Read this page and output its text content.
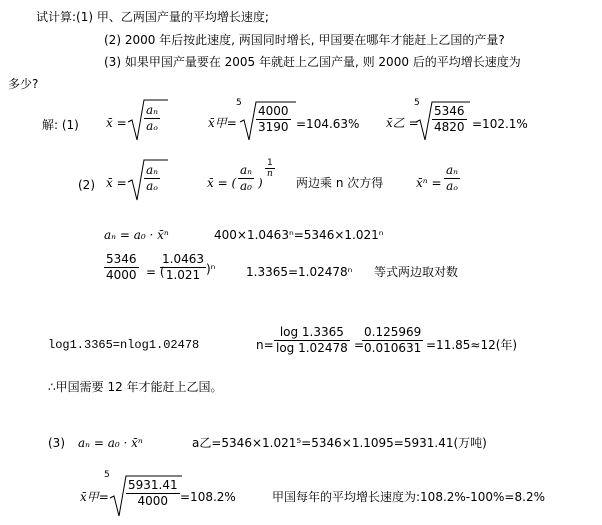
试计算:(1) 甲、乙两国产量的平均增长速度;
(2) 2000 年后按此速度, 两国同时增长, 甲国要在哪年才能赶上乙国的产量?
(3) 如果甲国产量要在 2005 年就赶上乙国产量, 则 2000 后的平均增长速度为
多少?
解: (1) x̄ = $\frac{\text{aₙ}}{\text{aₒ}}$	x̄甲=
5
$\frac{4000}{3190} =104.63\%$ x̄乙 =
5
$\frac{5346}{4820} =102.1\%$
(2) x̄ = $\frac{\text{aₙ}}{\text{aₒ}}$	x̄ = ( $\frac{\text{aₙ}}{\text{a₀}}$ )
$\frac{1}{n}$
两边乘 n 次方得	x̄ⁿ = $\frac{\text{aₙ}}{\text{aₒ}}$
aₙ = a₀ · x̄ⁿ	400×1.0463ⁿ=5346×1.021ⁿ
$\frac{5346}{4000}$ = (
$\frac{1.0463}{1.021} )^n$	1.3365=1.02478ⁿ 等式两边取对数
log1.3365=nlog1.02478	$n= \frac{\log 1.3365}{\log 1.02478}$ =
$\frac{0.125969}{0.010631} =11.85\approx 12$(年)
∴甲国需要 12 年才能赶上乙国。
(3) aₙ = a₀ · x̄ⁿ	a乙=5346×1.021⁵=5346×1.1095=5931.41(万吨)
x̄甲=
5
$\frac{5931.41}{4000} =108.2\%$	甲国每年的平均增长速度为:108.2%-100%=8.2%
